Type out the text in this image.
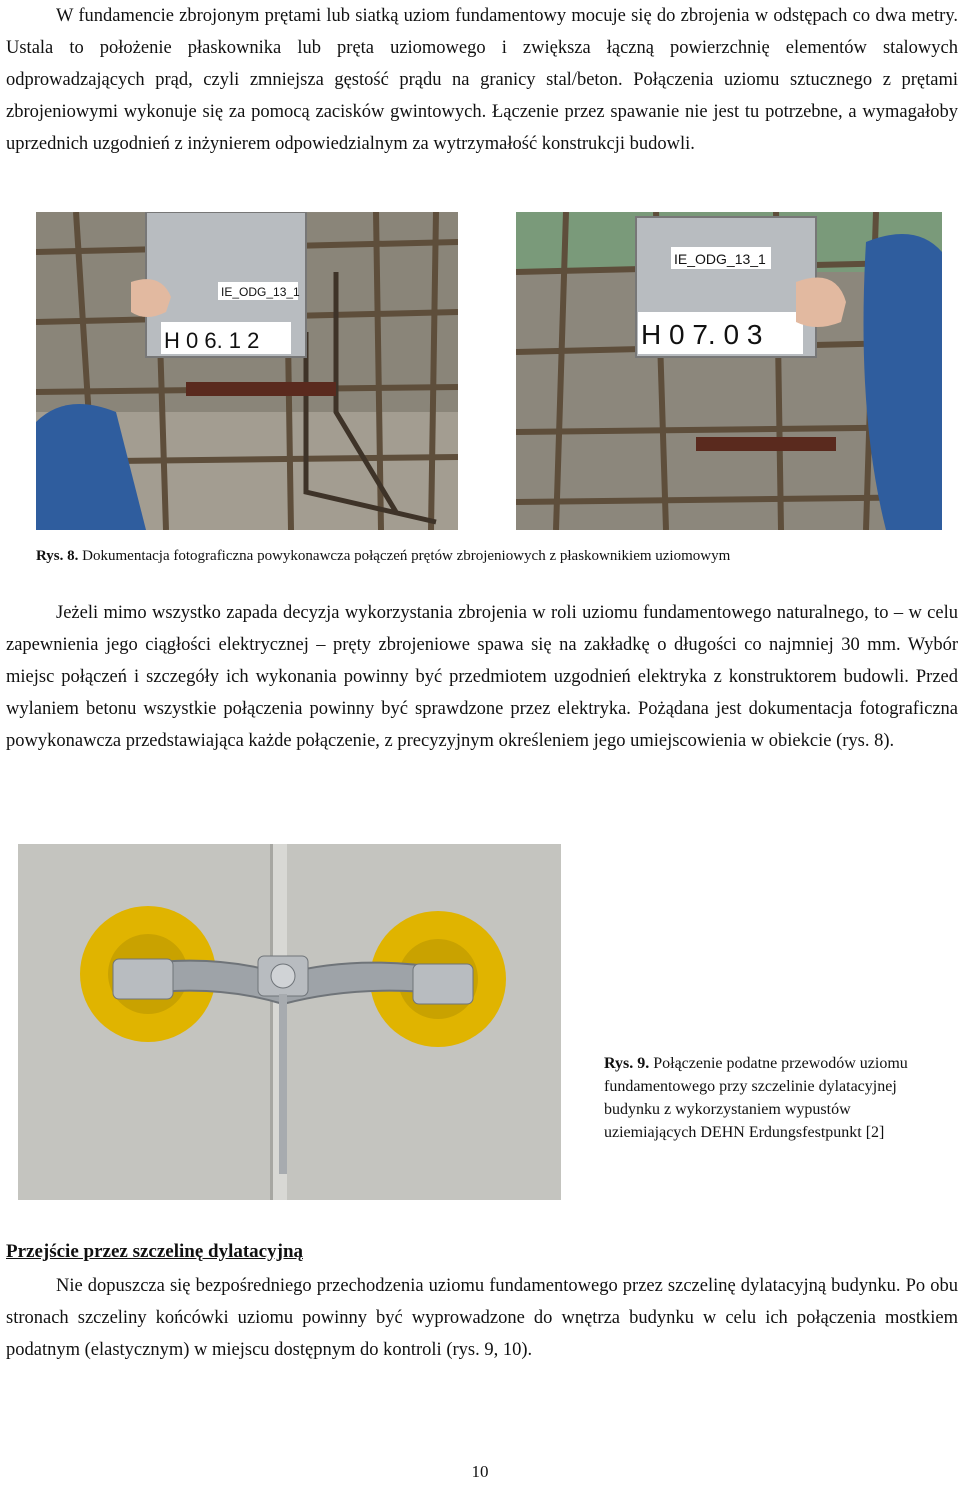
W fundamencie zbrojonym prętami lub siatką uziom fundamentowy mocuje się do zbrojenia w odstępach co dwa metry. Ustala to położenie płaskownika lub pręta uziomowego i zwiększa łączną powierzchnię elementów stalowych odprowadzających prąd, czyli zmniejsza gęstość prądu na granicy stal/beton. Połączenia uziomu sztucznego z prętami zbrojeniowymi wykonuje się za pomocą zacisków gwintowych. Łączenie przez spawanie nie jest tu potrzebne, a wymagałoby uprzednich uzgodnień z inżynierem odpowiedzialnym za wytrzymałość konstrukcji budowli.

IE_ODG_13_1
H 0 6. 1 2
IE_ODG_13_1
H 0 7. 0 3
Rys. 8. Dokumentacja fotograficzna powykonawcza połączeń prętów zbrojeniowych z płaskownikiem uziomowym

Jeżeli mimo wszystko zapada decyzja wykorzystania zbrojenia w roli uziomu fundamentowego naturalnego, to – w celu zapewnienia jego ciągłości elektrycznej – pręty zbrojeniowe spawa się na zakładkę o długości co najmniej 30 mm. Wybór miejsc połączeń i szczegóły ich wykonania powinny być przedmiotem uzgodnień elektryka z konstruktorem budowli. Przed wylaniem betonu wszystkie połączenia powinny być sprawdzone przez elektryka. Pożądana jest dokumentacja fotograficzna powykonawcza przedstawiająca każde połączenie, z precyzyjnym określeniem jego umiejscowienia w obiekcie (rys. 8).

Rys. 9. Połączenie podatne przewodów uziomu fundamentowego przy szczelinie dylatacyjnej budynku z wykorzystaniem wypustów uziemiających DEHN Erdungsfestpunkt [2]
Przejście przez szczelinę dylatacyjną

Nie dopuszcza się bezpośredniego przechodzenia uziomu fundamentowego przez szczelinę dylatacyjną budynku. Po obu stronach szczeliny końcówki uziomu powinny być wyprowadzone do wnętrza budynku w celu ich połączenia mostkiem podatnym (elastycznym) w miejscu dostępnym do kontroli (rys. 9, 10).

10
